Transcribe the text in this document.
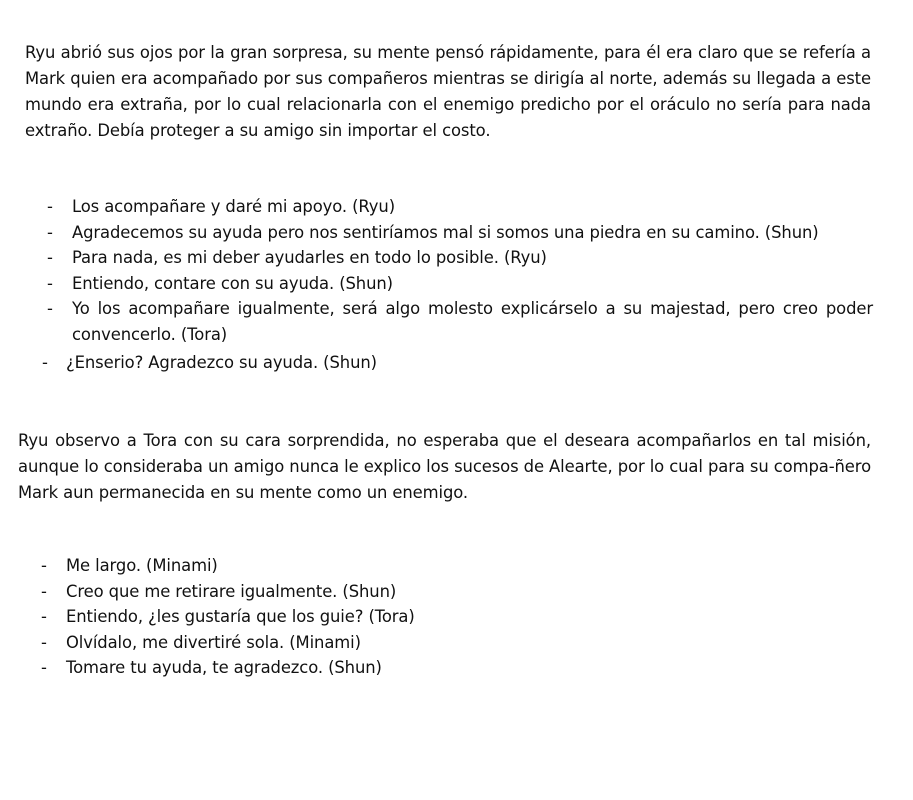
Ryu abrió sus ojos por la gran sorpresa, su mente pensó rápidamente, para él era claro que se refería a Mark quien era acompañado por sus compañeros mientras se dirigía al norte, además su llegada a este mundo era extraña, por lo cual relacionarla con el enemigo predicho por el oráculo no sería para nada extraño. Debía proteger a su amigo sin importar el costo.

- Los acompañare y daré mi apoyo. (Ryu)
- Agradecemos su ayuda pero nos sentiríamos mal si somos una piedra en su camino. (Shun)
- Para nada, es mi deber ayudarles en todo lo posible. (Ryu)
- Entiendo, contare con su ayuda. (Shun)
- Yo los acompañare igualmente, será algo molesto explicárselo a su majestad, pero creo poder convencerlo. (Tora)
- ¿Enserio? Agradezco su ayuda. (Shun)

Ryu observo a Tora con su cara sorprendida, no esperaba que el deseara acompañarlos en tal misión, aunque lo consideraba un amigo nunca le explico los sucesos de Alearte, por lo cual para su compa-ñero Mark aun permanecida en su mente como un enemigo.

- Me largo. (Minami)
- Creo que me retirare igualmente. (Shun)
- Entiendo, ¿les gustaría que los guie? (Tora)
- Olvídalo, me divertiré sola. (Minami)
- Tomare tu ayuda, te agradezco. (Shun)
